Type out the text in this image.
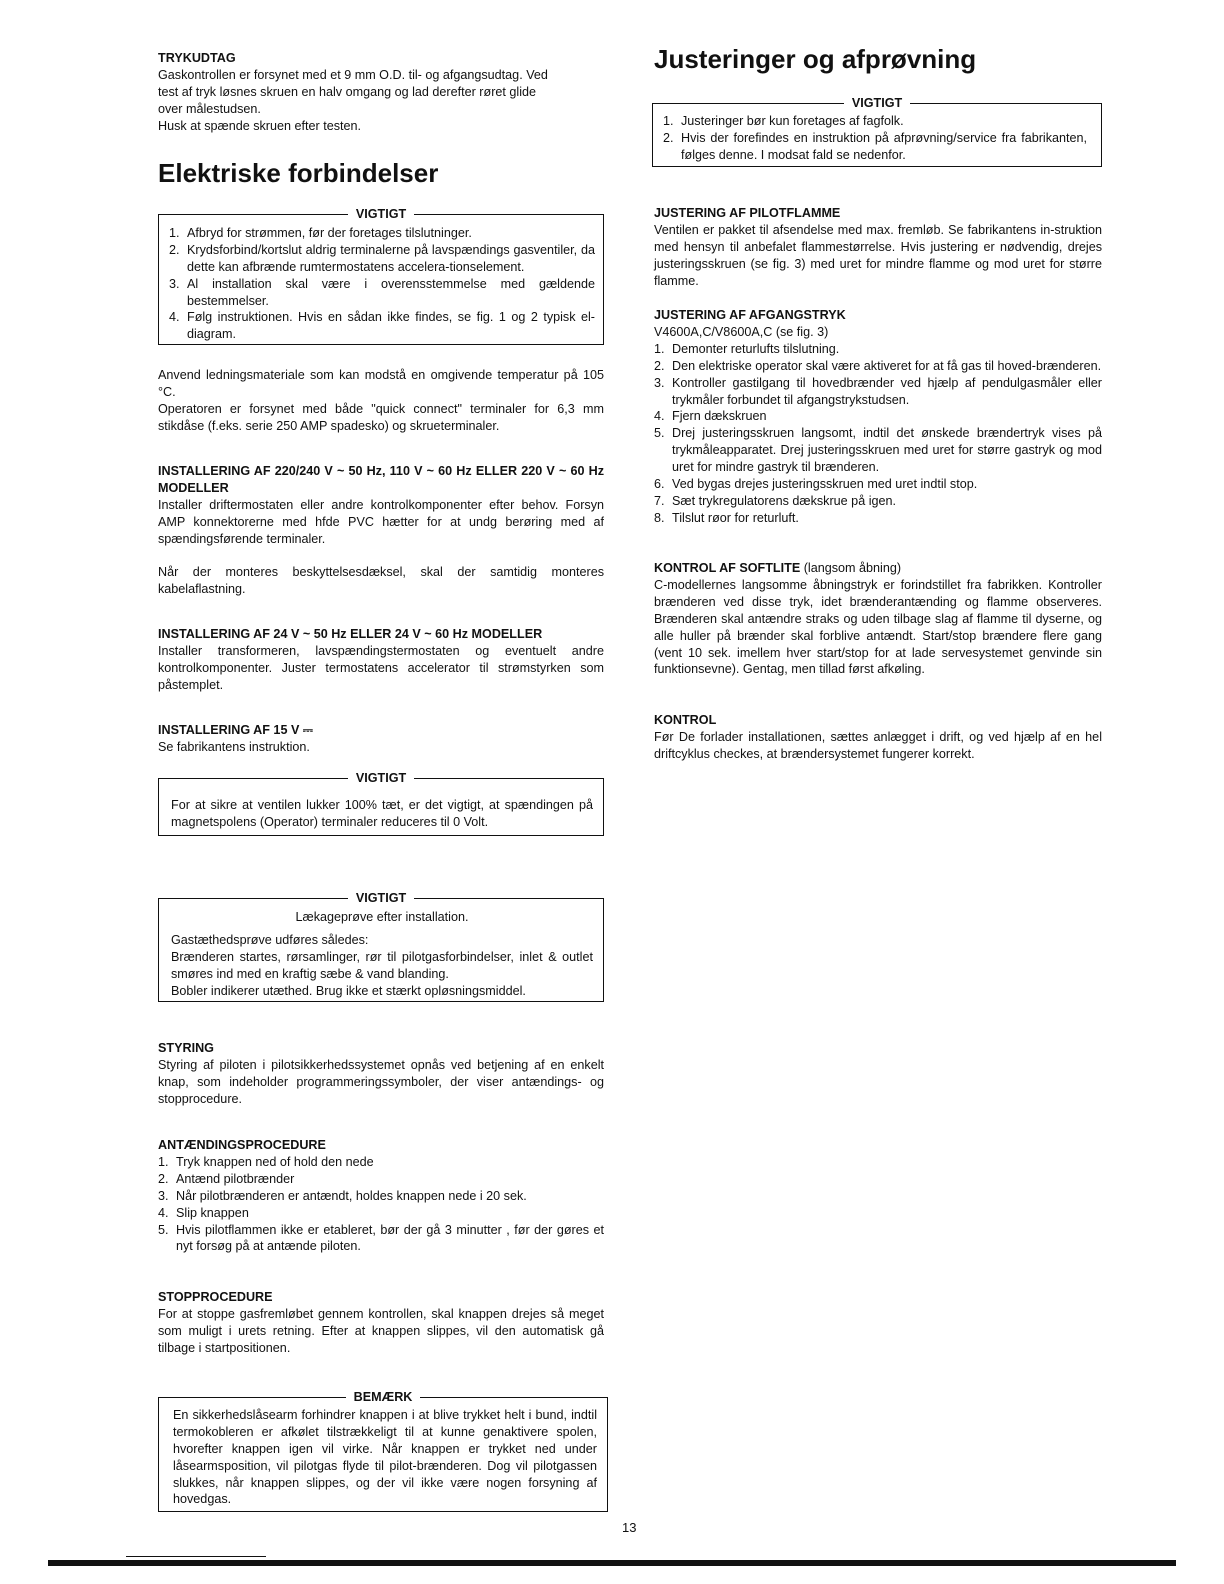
TRYKUDTAG

Gaskontrollen er forsynet med et 9 mm O.D. til- og afgangsudtag. Ved

test af tryk løsnes skruen en halv omgang og lad derefter røret glide

over målestudsen.

Husk at spænde skruen efter testen.

Elektriske forbindelser
VIGTIGT
1. Afbryd for strømmen, før der foretages tilslutninger.
2. Krydsforbind/kortslut aldrig terminalerne på lavspændings gasventiler, da dette kan afbrænde rumtermostatens accelera-tionselement.
3. Al installation skal være i overensstemmelse med gældende bestemmelser.
4. Følg instruktionen. Hvis en sådan ikke findes, se fig. 1 og 2 typisk el-diagram.

Anvend ledningsmateriale som kan modstå en omgivende temperatur på 105 °C.

Operatoren er forsynet med både "quick connect" terminaler for 6,3 mm stikdåse (f.eks. serie 250 AMP spadesko) og skrueterminaler.

INSTALLERING AF 220/240 V ~ 50 Hz, 110 V ~ 60 Hz ELLER 220 V ~ 60 Hz MODELLER

Installer driftermostaten eller andre kontrolkomponenter efter behov. Forsyn AMP konnektorerne med hfde PVC hætter for at undg berøring med af spændingsførende terminaler.

Når der monteres beskyttelsesdæksel, skal der samtidig monteres kabelaflastning.

INSTALLERING AF 24 V ~ 50 Hz ELLER 24 V ~ 60 Hz MODELLER

Installer transformeren, lavspændingstermostaten og eventuelt andre kontrolkomponenter. Juster termostatens accelerator til strømstyrken som påstemplet.

INSTALLERING AF 15 V ⎓

Se fabrikantens instruktion.

VIGTIGT

For at sikre at ventilen lukker 100% tæt, er det vigtigt, at spændingen på magnetspolens (Operator) terminaler reduceres til 0 Volt.

VIGTIGT

Lækageprøve efter installation.

Gastæthedsprøve udføres således:

Brænderen startes, rørsamlinger, rør til pilotgasforbindelser, inlet & outlet smøres ind med en kraftig sæbe & vand blanding.

Bobler indikerer utæthed. Brug ikke et stærkt opløsningsmiddel.

STYRING

Styring af piloten i pilotsikkerhedssystemet opnås ved betjening af en enkelt knap, som indeholder programmeringssymboler, der viser antændings- og stopprocedure.

ANTÆNDINGSPROCEDURE

1. Tryk knappen ned of hold den nede
2. Antænd pilotbrænder
3. Når pilotbrænderen er antændt, holdes knappen nede i 20 sek.
4. Slip knappen
5. Hvis pilotflammen ikke er etableret, bør der gå 3 minutter , før der gøres et nyt forsøg på at antænde piloten.

STOPPROCEDURE

For at stoppe gasfremløbet gennem kontrollen, skal knappen drejes så meget som muligt i urets retning. Efter at knappen slippes, vil den automatisk gå tilbage i startpositionen.

BEMÆRK

En sikkerhedslåsearm forhindrer knappen i at blive trykket helt i bund, indtil termokobleren er afkølet tilstrækkeligt til at kunne genaktivere spolen, hvorefter knappen igen vil virke. Når knappen er trykket ned under låsearmsposition, vil pilotgas flyde til pilot-brænderen. Dog vil pilotgassen slukkes, når knappen slippes, og der vil ikke være nogen forsyning af hovedgas.

Justeringer og afprøvning
VIGTIGT
1. Justeringer bør kun foretages af fagfolk.
2. Hvis der forefindes en instruktion på afprøvning/service fra fabrikanten, følges denne. I modsat fald se nedenfor.

JUSTERING AF PILOTFLAMME

Ventilen er pakket til afsendelse med max. fremløb. Se fabrikantens in-struktion med hensyn til anbefalet flammestørrelse. Hvis justering er nødvendig, drejes justeringsskruen (se fig. 3) med uret for mindre flamme og mod uret for større flamme.

JUSTERING AF AFGANGSTRYK

V4600A,C/V8600A,C (se fig. 3)

1. Demonter returlufts tilslutning.
2. Den elektriske operator skal være aktiveret for at få gas til hoved-brænderen.
3. Kontroller gastilgang til hovedbrænder ved hjælp af pendulgasmåler eller trykmåler forbundet til afgangstrykstudsen.
4. Fjern dækskruen
5. Drej justeringsskruen langsomt, indtil det ønskede brændertryk vises på trykmåleapparatet. Drej justeringsskruen med uret for større gastryk og mod uret for mindre gastryk til brænderen.
6. Ved bygas drejes justeringsskruen med uret indtil stop.
7. Sæt trykregulatorens dækskrue på igen.
8. Tilslut røor for returluft.

KONTROL AF SOFTLITE (langsom åbning)

C-modellernes langsomme åbningstryk er forindstillet fra fabrikken. Kontroller brænderen ved disse tryk, idet brænderantænding og flamme observeres. Brænderen skal antændre straks og uden tilbage slag af flamme til dyserne, og alle huller på brænder skal forblive antændt. Start/stop brændere flere gang (vent 10 sek. imellem hver start/stop for at lade servesystemet genvinde sin funktionsevne). Gentag, men tillad først afkøling.

KONTROL

Før De forlader installationen, sættes anlægget i drift, og ved hjælp af en hel driftcyklus checkes, at brændersystemet fungerer korrekt.

13
